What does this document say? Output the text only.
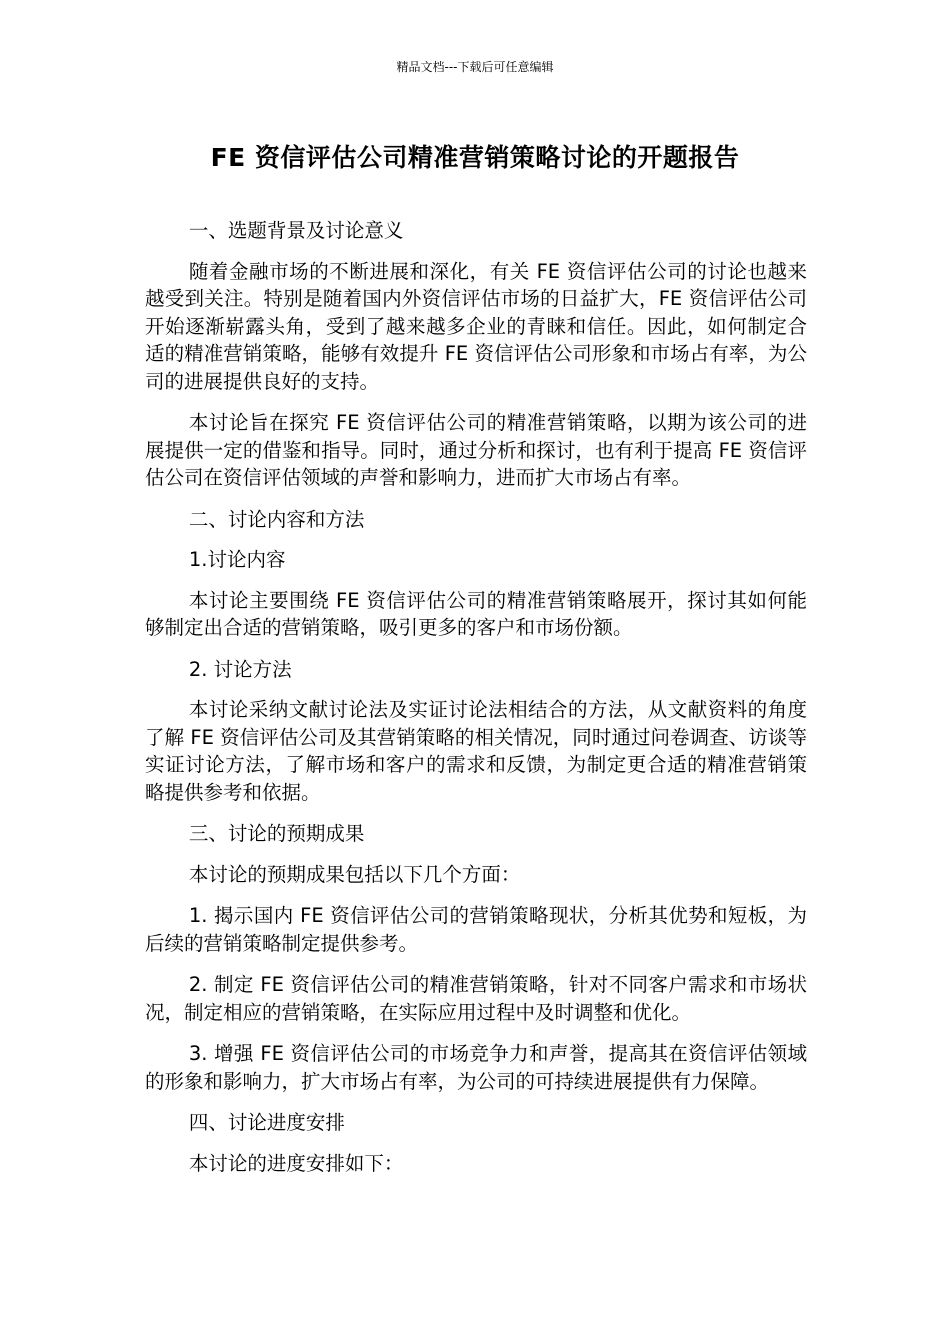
精品文档---下载后可任意编辑
FE 资信评估公司精准营销策略讨论的开题报告

一、选题背景及讨论意义

随着金融市场的不断进展和深化，有关 FE 资信评估公司的讨论也越来越受到关注。特别是随着国内外资信评估市场的日益扩大，FE 资信评估公司开始逐渐崭露头角，受到了越来越多企业的青睐和信任。因此，如何制定合适的精准营销策略，能够有效提升 FE 资信评估公司形象和市场占有率，为公司的进展提供良好的支持。

本讨论旨在探究 FE 资信评估公司的精准营销策略，以期为该公司的进展提供一定的借鉴和指导。同时，通过分析和探讨，也有利于提高 FE 资信评估公司在资信评估领域的声誉和影响力，进而扩大市场占有率。

二、讨论内容和方法

1.讨论内容

本讨论主要围绕 FE 资信评估公司的精准营销策略展开，探讨其如何能够制定出合适的营销策略，吸引更多的客户和市场份额。

2. 讨论方法

本讨论采纳文献讨论法及实证讨论法相结合的方法，从文献资料的角度了解 FE 资信评估公司及其营销策略的相关情况，同时通过问卷调查、访谈等实证讨论方法，了解市场和客户的需求和反馈，为制定更合适的精准营销策略提供参考和依据。

三、讨论的预期成果

本讨论的预期成果包括以下几个方面：

1. 揭示国内 FE 资信评估公司的营销策略现状，分析其优势和短板，为后续的营销策略制定提供参考。

2. 制定 FE 资信评估公司的精准营销策略，针对不同客户需求和市场状况，制定相应的营销策略，在实际应用过程中及时调整和优化。

3. 增强 FE 资信评估公司的市场竞争力和声誉，提高其在资信评估领域的形象和影响力，扩大市场占有率，为公司的可持续进展提供有力保障。

四、讨论进度安排

本讨论的进度安排如下：
